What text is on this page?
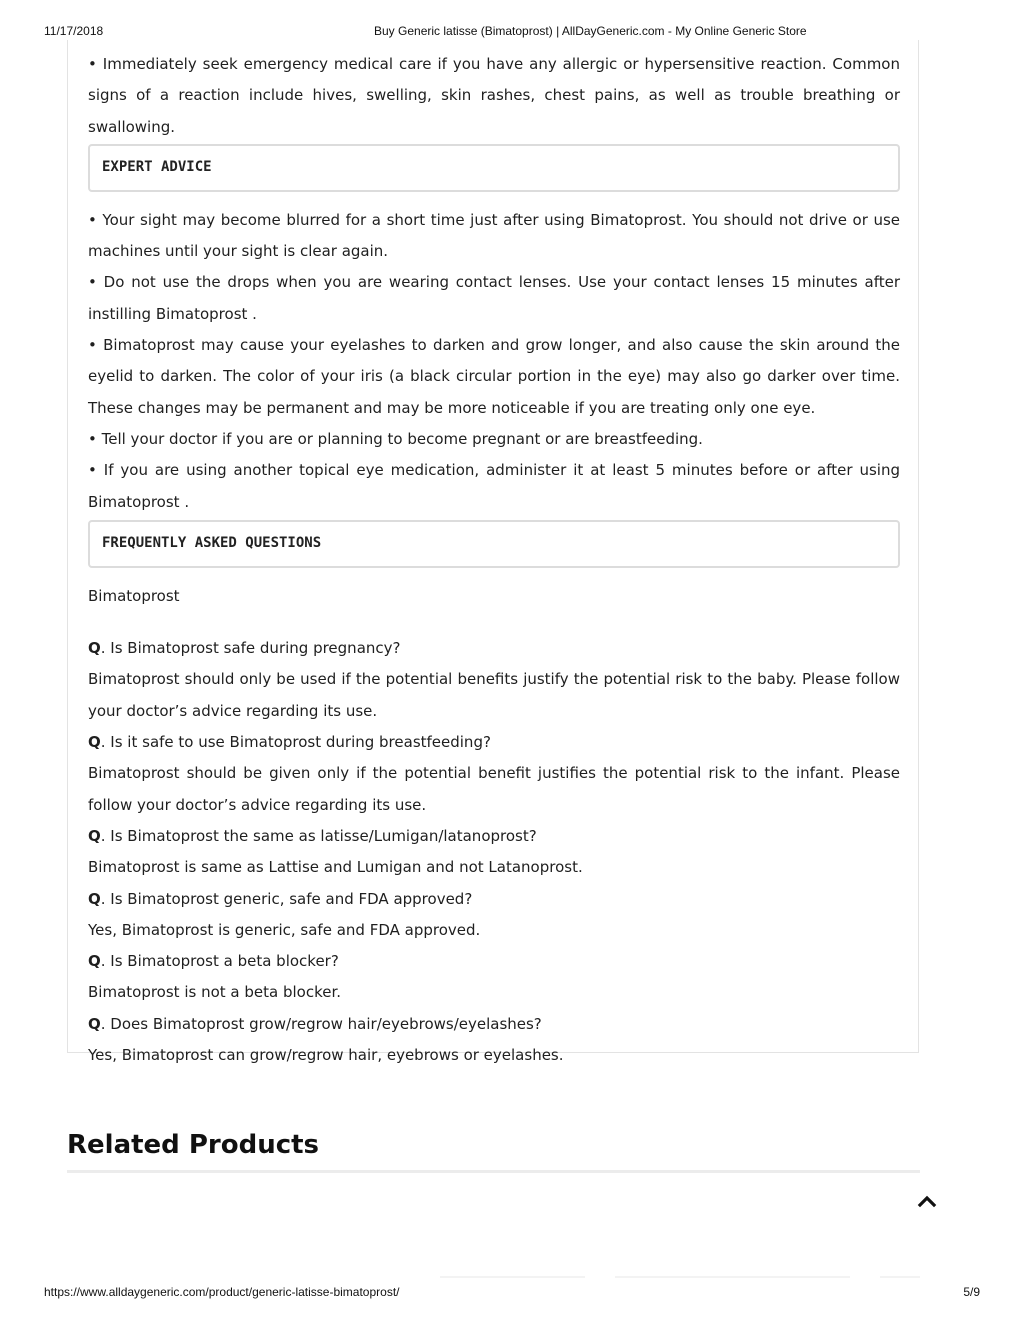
11/17/2018	Buy Generic latisse (Bimatoprost) | AllDayGeneric.com - My Online Generic Store

• Immediately seek emergency medical care if you have any allergic or hypersensitive reaction. Common signs of a reaction include hives, swelling, skin rashes, chest pains, as well as trouble breathing or swallowing.

EXPERT ADVICE

• Your sight may become blurred for a short time just after using Bimatoprost. You should not drive or use machines until your sight is clear again.

• Do not use the drops when you are wearing contact lenses. Use your contact lenses 15 minutes after instilling Bimatoprost .

• Bimatoprost may cause your eyelashes to darken and grow longer, and also cause the skin around the eyelid to darken. The color of your iris (a black circular portion in the eye) may also go darker over time. These changes may be permanent and may be more noticeable if you are treating only one eye.

• Tell your doctor if you are or planning to become pregnant or are breastfeeding.

• If you are using another topical eye medication, administer it at least 5 minutes before or after using Bimatoprost .

FREQUENTLY ASKED QUESTIONS

Bimatoprost

Q. Is Bimatoprost safe during pregnancy?

Bimatoprost should only be used if the potential benefits justify the potential risk to the baby. Please follow your doctor’s advice regarding its use.

Q. Is it safe to use Bimatoprost during breastfeeding?

Bimatoprost should be given only if the potential benefit justifies the potential risk to the infant. Please follow your doctor’s advice regarding its use.

Q. Is Bimatoprost the same as latisse/Lumigan/latanoprost?

Bimatoprost is same as Lattise and Lumigan and not Latanoprost.

Q. Is Bimatoprost generic, safe and FDA approved?

Yes, Bimatoprost is generic, safe and FDA approved.

Q. Is Bimatoprost a beta blocker?

Bimatoprost is not a beta blocker.

Q. Does Bimatoprost grow/regrow hair/eyebrows/eyelashes?

Yes, Bimatoprost can grow/regrow hair, eyebrows or eyelashes.

Related Products
https://www.alldaygeneric.com/product/generic-latisse-bimatoprost/	5/9
